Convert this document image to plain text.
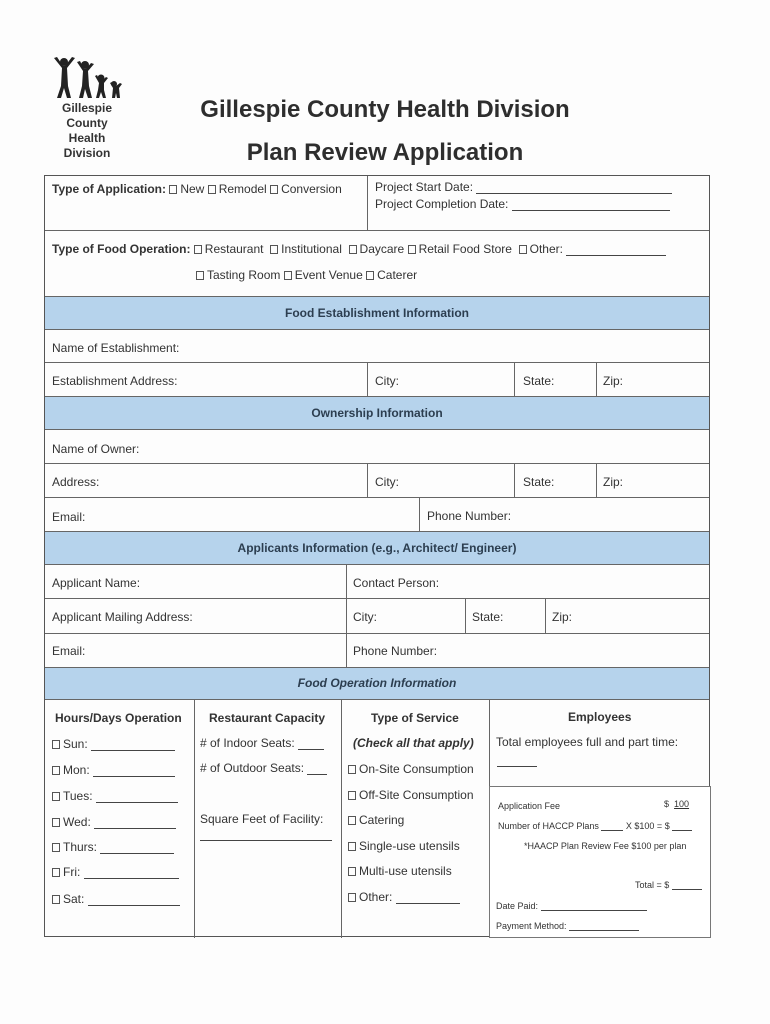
Gillespie County
Health Division
Gillespie County Health Division
Plan Review Application
Type of Application: New Remodel Conversion	Project Start Date:
Project Completion Date:
Type of Food Operation: Restaurant Institutional Daycare Retail Food Store Other:
Tasting Room Event Venue Caterer
Food Establishment Information
Name of Establishment:
Establishment Address:	City:	State:	Zip:
Ownership Information
Name of Owner:
Address:	City:	State:	Zip:
Email:	Phone Number:
Applicants Information (e.g., Architect/ Engineer)
Applicant Name:	Contact Person:
Applicant Mailing Address:	City:	State:	Zip:
Email:	Phone Number:
Food Operation Information
Hours/Days Operation
Sun:
Mon:
Tues:
Wed:
Thurs:
Fri:
Sat:
Restaurant Capacity
# of Indoor Seats:
# of Outdoor Seats:
Square Feet of Facility:
Type of Service
(Check all that apply)
On-Site Consumption
Off-Site Consumption
Catering
Single-use utensils
Multi-use utensils
Other:
Employees
Total employees full and part time:
Application Fee	$ 100
Number of HACCP Plans	X $100 = $
*HAACP Plan Review Fee $100 per plan
Total = $
Date Paid:
Payment Method:
